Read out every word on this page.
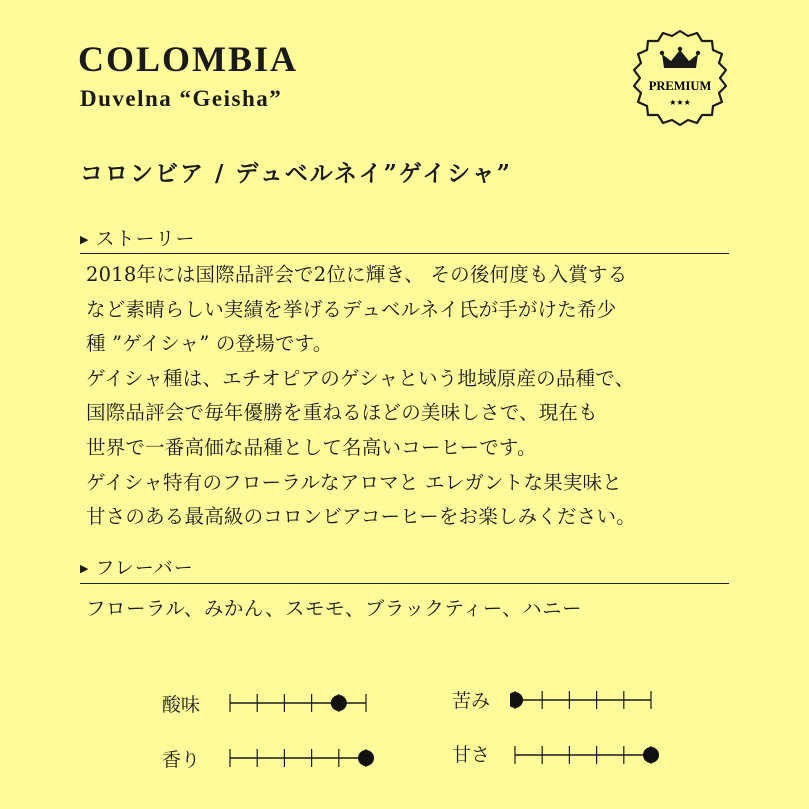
COLOMBIA
Duvelna “Geisha”	PREMIUM
★★★
コロンビア / デュベルネイ”ゲイシャ”
▶ ストーリー
2018年には国際品評会で2位に輝き、 その後何度も入賞する
など素晴らしい実績を挙げるデュベルネイ氏が手がけた希少
種 ”ゲイシャ” の登場です。
ゲイシャ種は、エチオピアのゲシャという地域原産の品種で、
国際品評会で毎年優勝を重ねるほどの美味しさで、現在も
世界で一番高価な品種として名高いコーヒーです。
ゲイシャ特有のフローラルなアロマと エレガントな果実味と
甘さのある最高級のコロンビアコーヒーをお楽しみください。
▶ フレーバー
フローラル、みかん、スモモ、ブラックティー、ハニー
酸味	苦み
香り	甘さ
